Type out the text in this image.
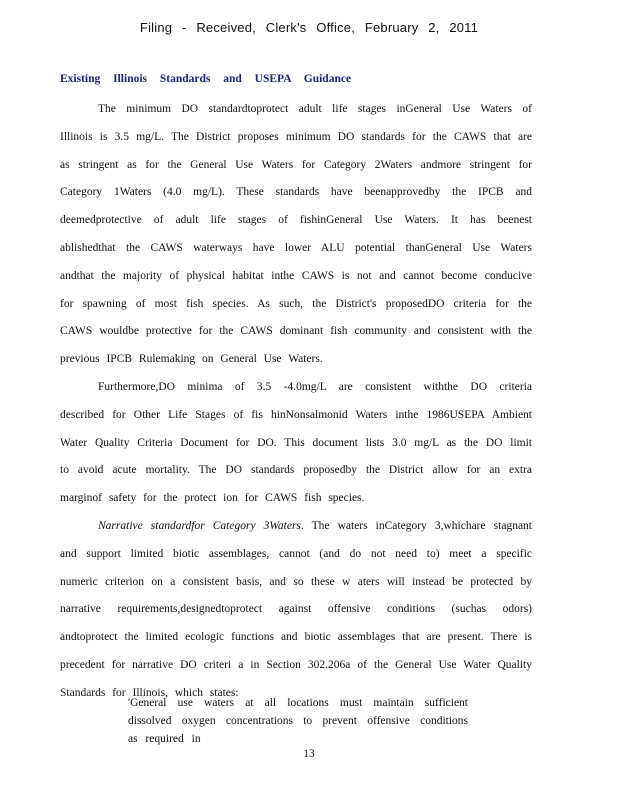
Filing - Received, Clerk's Office, February 2, 2011
Existing Illinois Standards and USEPA Guidance

The minimum DO standardtoprotect adult life stages inGeneral Use Waters of Illinois is 3.5 mg/L. The District proposes minimum DO standards for the CAWS that are as stringent as for the General Use Waters for Category 2Waters andmore stringent for Category 1Waters (4.0 mg/L). These standards have beenapprovedby the IPCB and deemedprotective of adult life stages of fishinGeneral Use Waters. It has beenest ablishedthat the CAWS waterways have lower ALU potential thanGeneral Use Waters andthat the majority of physical habitat inthe CAWS is not and cannot become conducive for spawning of most fish species. As such, the District's proposedDO criteria for the CAWS wouldbe protective for the CAWS dominant fish community and consistent with the previous IPCB Rulemaking on General Use Waters.

Furthermore,DO minima of 3.5 -4.0mg/L are consistent withthe DO criteria described for Other Life Stages of fis hinNonsalmonid Waters inthe 1986USEPA Ambient Water Quality Criteria Document for DO. This document lists 3.0 mg/L as the DO limit to avoid acute mortality. The DO standards proposedby the District allow for an extra marginof safety for the protect ion for CAWS fish species.

Narrative standardfor Category 3Waters. The waters inCategory 3,whichare stagnant and support limited biotic assemblages, cannot (and do not need to) meet a specific numeric criterion on a consistent basis, and so these w aters will instead be protected by narrative requirements,designedtoprotect against offensive conditions (suchas odors) andtoprotect the limited ecologic functions and biotic assemblages that are present. There is precedent for narrative DO criteri a in Section 302.206a of the General Use Water Quality Standards for Illinois, which states:

'General use waters at all locations must maintain sufficient dissolved oxygen concentrations to prevent offensive conditions as required in

13
